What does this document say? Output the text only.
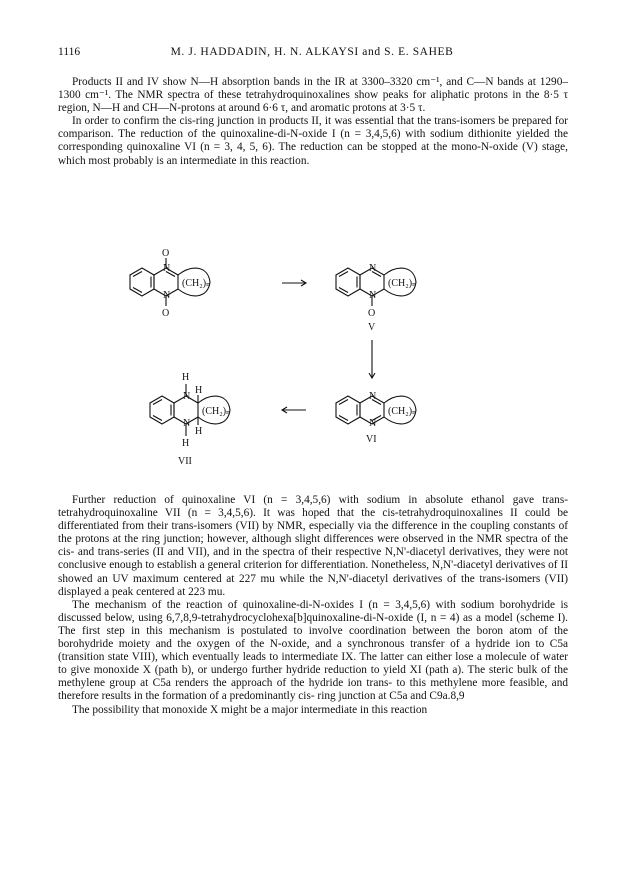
1116	M. J. HADDADIN, H. N. ALKAYSI and S. E. SAHEB

Products II and IV show N—H absorption bands in the IR at 3300–3320 cm⁻¹, and C—N bands at 1290–1300 cm⁻¹. The NMR spectra of these tetrahydroquinoxalines show peaks for aliphatic protons in the 8·5 τ region, N—H and CH—N-protons at around 6·6 τ, and aromatic protons at 3·5 τ.

In order to confirm the cis-ring junction in products II, it was essential that the trans-isomers be prepared for comparison. The reduction of the quinoxaline-di-N-oxide I (n = 3,4,5,6) with sodium dithionite yielded the corresponding quinoxaline VI (n = 3, 4, 5, 6). The reduction can be stopped at the mono-N-oxide (V) stage, which most probably is an intermediate in this reaction.

O
N
N
O
(CH₂)ₙ
N
N
O
(CH₂)ₙ
V
H
N
H
N
H
H
(CH₂)ₙ
VII
N
N
(CH₂)ₙ
VI

Further reduction of quinoxaline VI (n = 3,4,5,6) with sodium in absolute ethanol gave trans-tetrahydroquinoxaline VII (n = 3,4,5,6). It was hoped that the cis-tetrahydroquinoxalines II could be differentiated from their trans-isomers (VII) by NMR, especially via the difference in the coupling constants of the protons at the ring junction; however, although slight differences were observed in the NMR spectra of the cis- and trans-series (II and VII), and in the spectra of their respective N,N'-diacetyl derivatives, they were not conclusive enough to establish a general criterion for differentiation. Nonetheless, N,N'-diacetyl derivatives of II showed an UV maximum centered at 227 mu while the N,N'-diacetyl derivatives of the trans-isomers (VII) displayed a peak centered at 223 mu.

The mechanism of the reaction of quinoxaline-di-N-oxides I (n = 3,4,5,6) with sodium borohydride is discussed below, using 6,7,8,9-tetrahydrocyclohexa[b]quinoxaline-di-N-oxide (I, n = 4) as a model (scheme I). The first step in this mechanism is postulated to involve coordination between the boron atom of the borohydride moiety and the oxygen of the N-oxide, and a synchronous transfer of a hydride ion to C5a (transition state VIII), which eventually leads to intermediate IX. The latter can either lose a molecule of water to give monoxide X (path b), or undergo further hydride reduction to yield XI (path a). The steric bulk of the methylene group at C5a renders the approach of the hydride ion trans- to this methylene more feasible, and therefore results in the formation of a predominantly cis- ring junction at C5a and C9a.8,9

The possibility that monoxide X might be a major intermediate in this reaction
